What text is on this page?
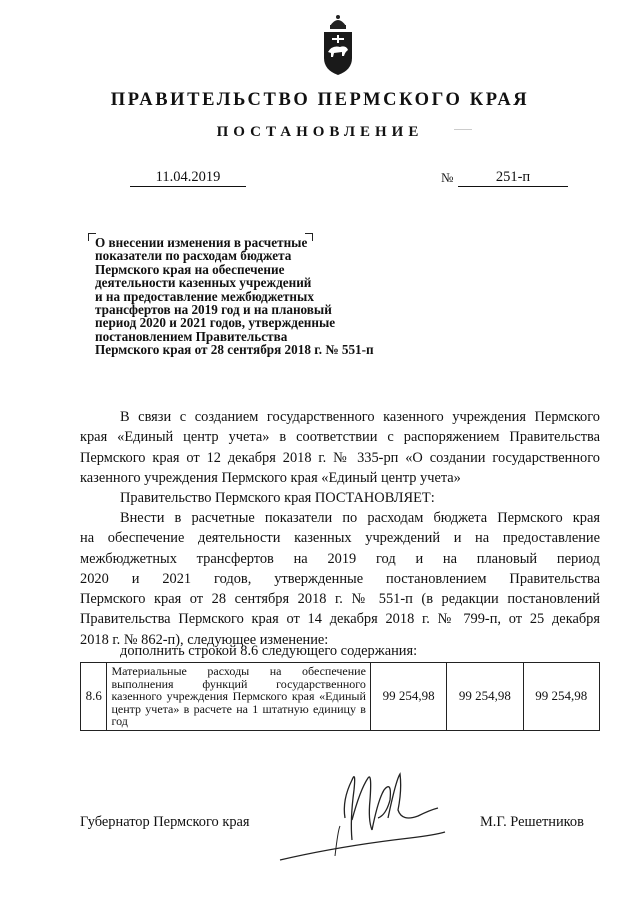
ПРАВИТЕЛЬСТВО ПЕРМСКОГО КРАЯ
ПОСТАНОВЛЕНИЕ
11.04.2019	№	251-п
О внесении изменения в расчетные
показатели по расходам бюджета
Пермского края на обеспечение
деятельности казенных учреждений
и на предоставление межбюджетных
трансфертов на 2019 год и на плановый
период 2020 и 2021 годов, утвержденные
постановлением Правительства
Пермского края от 28 сентября 2018 г. № 551-п
В связи с созданием государственного казенного учреждения Пермского
края «Единый центр учета» в соответствии с распоряжением Правительства
Пермского края от 12 декабря 2018 г. № 335-рп «О создании государственного
казенного учреждения Пермского края «Единый центр учета»
Правительство Пермского края ПОСТАНОВЛЯЕТ:
Внести в расчетные показатели по расходам бюджета Пермского края
на обеспечение деятельности казенных учреждений и на предоставление
межбюджетных трансфертов на 2019 год и на плановый период
2020 и 2021 годов, утвержденные постановлением Правительства
Пермского края от 28 сентября 2018 г. № 551-п (в редакции постановлений
Правительства Пермского края от 14 декабря 2018 г. № 799-п, от 25 декабря
2018 г. № 862-п), следующее изменение:
дополнить строкой 8.6 следующего содержания:
8.6	Материальные расходы на обеспечение выполнения функций государственного казенного учреждения Пермского края «Единый центр учета» в расчете на 1 штатную единицу в год	99 254,98	99 254,98	99 254,98
Губернатор Пермского края	М.Г. Решетников
